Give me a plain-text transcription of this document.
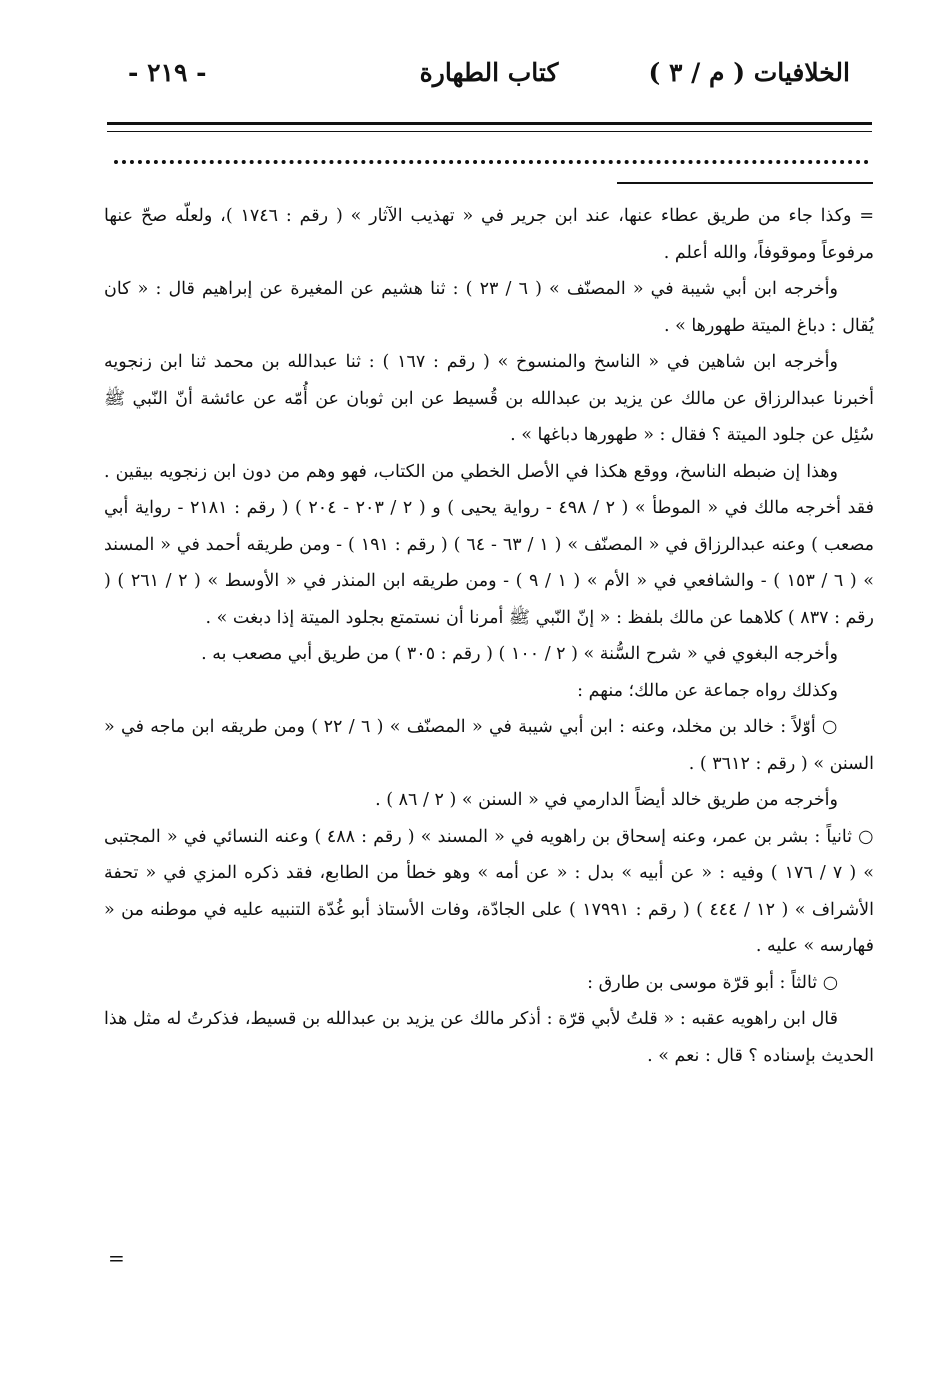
الخلافيات ( م / ٣ )
كتاب الطهارة
- ٢١٩ -

= وكذا جاء من طريق عطاء عنها، عند ابن جرير في « تهذيب الآثار » ( رقم : ١٧٤٦ )، ولعلّه صحّ عنها مرفوعاً وموقوفاً، والله أعلم .

وأخرجه ابن أبي شيبة في « المصنّف » ( ٦ / ٢٣ ) : ثنا هشيم عن المغيرة عن إبراهيم قال : « كان يُقال : دباغ الميتة طهورها » .

وأخرجه ابن شاهين في « الناسخ والمنسوخ » ( رقم : ١٦٧ ) : ثنا عبدالله بن محمد ثنا ابن زنجويه أخبرنا عبدالرزاق عن مالك عن يزيد بن عبدالله بن قُسيط عن ابن ثوبان عن أُمّه عن عائشة أنّ النّبي ﷺ سُئِل عن جلود الميتة ؟ فقال : « طهورها دباغها » .

وهذا إن ضبطه الناسخ، ووقع هكذا في الأصل الخطي من الكتاب، فهو وهم من دون ابن زنجويه بيقين . فقد أخرجه مالك في « الموطأ » ( ٢ / ٤٩٨ - رواية يحيى ) و ( ٢ / ٢٠٣ - ٢٠٤ ) ( رقم : ٢١٨١ - رواية أبي مصعب ) وعنه عبدالرزاق في « المصنّف » ( ١ / ٦٣ - ٦٤ ) ( رقم : ١٩١ ) - ومن طريقه أحمد في « المسند » ( ٦ / ١٥٣ ) - والشافعي في « الأم » ( ١ / ٩ ) - ومن طريقه ابن المنذر في « الأوسط » ( ٢ / ٢٦١ ) ( رقم : ٨٣٧ ) كلاهما عن مالك بلفظ : « إنّ النّبي ﷺ أمرنا أن نستمتع بجلود الميتة إذا دبغت » .

وأخرجه البغوي في « شرح السُّنة » ( ٢ / ١٠٠ ) ( رقم : ٣٠٥ ) من طريق أبي مصعب به .

وكذلك رواه جماعة عن مالك؛ منهم :

○ أوّلاً : خالد بن مخلد، وعنه : ابن أبي شيبة في « المصنّف » ( ٦ / ٢٢ ) ومن طريقه ابن ماجه في « السنن » ( رقم : ٣٦١٢ ) .

وأخرجه من طريق خالد أيضاً الدارمي في « السنن » ( ٢ / ٨٦ ) .

○ ثانياً : بشر بن عمر، وعنه إسحاق بن راهويه في « المسند » ( رقم : ٤٨٨ ) وعنه النسائي في « المجتبى » ( ٧ / ١٧٦ ) وفيه : « عن أبيه » بدل : « عن أمه » وهو خطأ من الطابع، فقد ذكره المزي في « تحفة الأشراف » ( ١٢ / ٤٤٤ ) ( رقم : ١٧٩٩١ ) على الجادّة، وفات الأستاذ أبو غُدّة التنبيه عليه في موطنه من « فهارسه » عليه .

○ ثالثاً : أبو قرّة موسى بن طارق :

قال ابن راهويه عقبه : « قلتُ لأبي قرّة : أذكر مالك عن يزيد بن عبدالله بن قسيط، فذكرتُ له مثل هذا الحديث بإسناده ؟ قال : نعم » .

=
